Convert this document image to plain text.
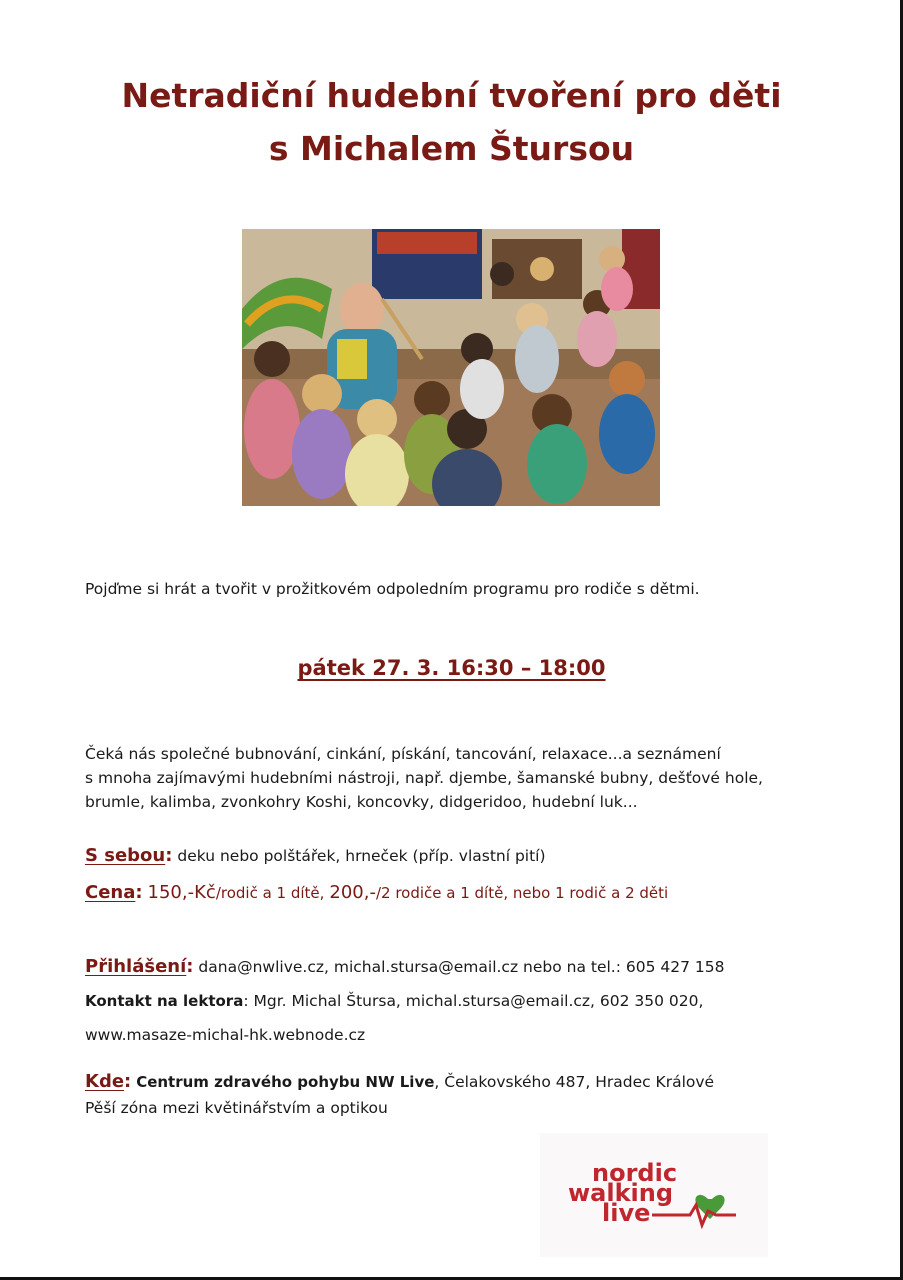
Netradiční hudební tvoření pro děti
s Michalem Štursou
Pojďme si hrát a tvořit v prožitkovém odpoledním programu pro rodiče s dětmi.
pátek 27. 3. 16:30 – 18:00
Čeká nás společné bubnování, cinkání, pískání, tancování, relaxace...a seznámení
s mnoha zajímavými hudebními nástroji, např. djembe, šamanské bubny, dešťové hole,
brumle, kalimba, zvonkohry Koshi, koncovky, didgeridoo, hudební luk...
S sebou: deku nebo polštářek, hrneček (příp. vlastní pití)
Cena: 150,-Kč/rodič a 1 dítě, 200,-/2 rodiče a 1 dítě, nebo 1 rodič a 2 děti
Přihlášení: dana@nwlive.cz, michal.stursa@email.cz nebo na tel.: 605 427 158
Kontakt na lektora: Mgr. Michal Štursa, michal.stursa@email.cz, 602 350 020,
www.masaze-michal-hk.webnode.cz
Kde: Centrum zdravého pohybu NW Live, Čelakovského 487, Hradec Králové
Pěší zóna mezi květinářstvím a optikou
nordic
walking
live
